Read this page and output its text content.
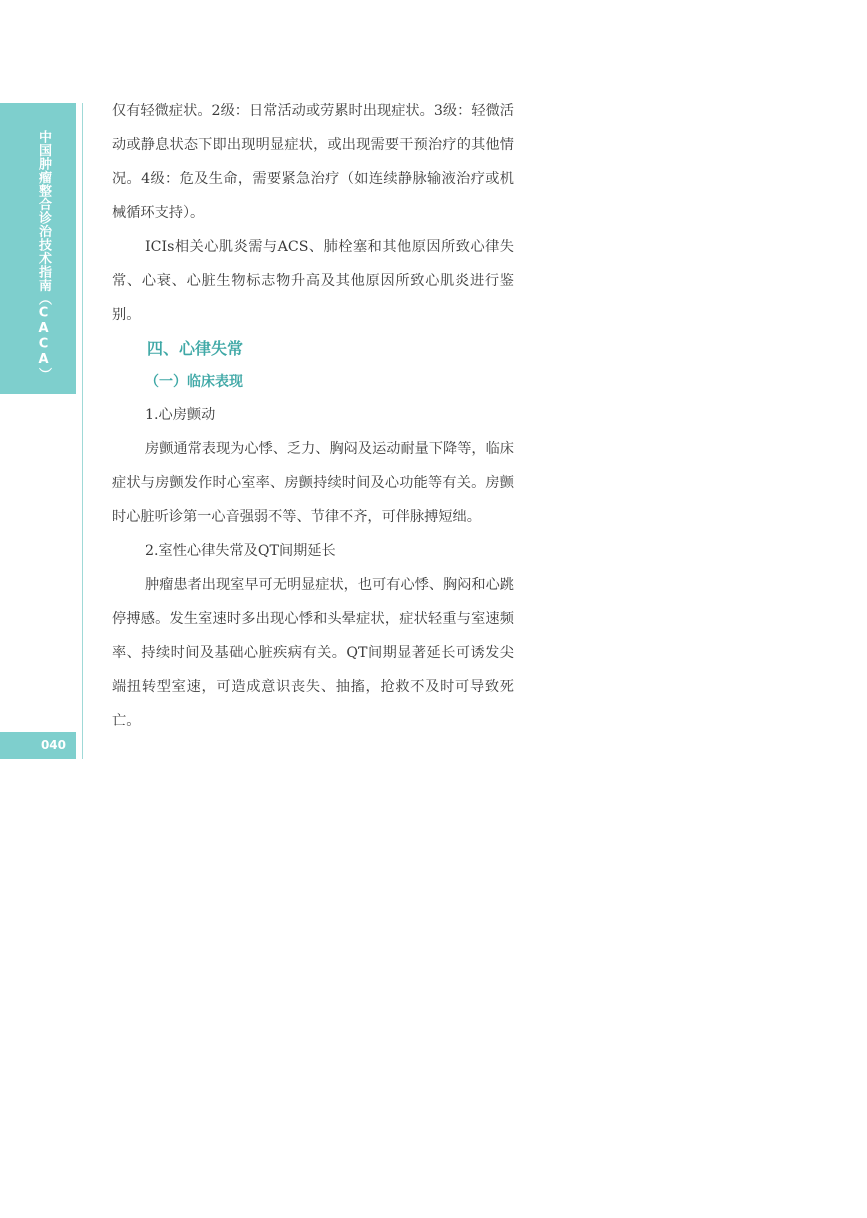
中国肿瘤整合诊治技术指南（CACA）
040

仅有轻微症状。2级：日常活动或劳累时出现症状。3级：轻微活动或静息状态下即出现明显症状，或出现需要干预治疗的其他情况。4级：危及生命，需要紧急治疗（如连续静脉输液治疗或机械循环支持）。

ICIs相关心肌炎需与ACS、肺栓塞和其他原因所致心律失常、心衰、心脏生物标志物升高及其他原因所致心肌炎进行鉴别。

四、心律失常

（一）临床表现

1.心房颤动

房颤通常表现为心悸、乏力、胸闷及运动耐量下降等，临床症状与房颤发作时心室率、房颤持续时间及心功能等有关。房颤时心脏听诊第一心音强弱不等、节律不齐，可伴脉搏短绌。

2.室性心律失常及QT间期延长

肿瘤患者出现室早可无明显症状，也可有心悸、胸闷和心跳停搏感。发生室速时多出现心悸和头晕症状，症状轻重与室速频率、持续时间及基础心脏疾病有关。QT间期显著延长可诱发尖端扭转型室速，可造成意识丧失、抽搐，抢救不及时可导致死亡。
